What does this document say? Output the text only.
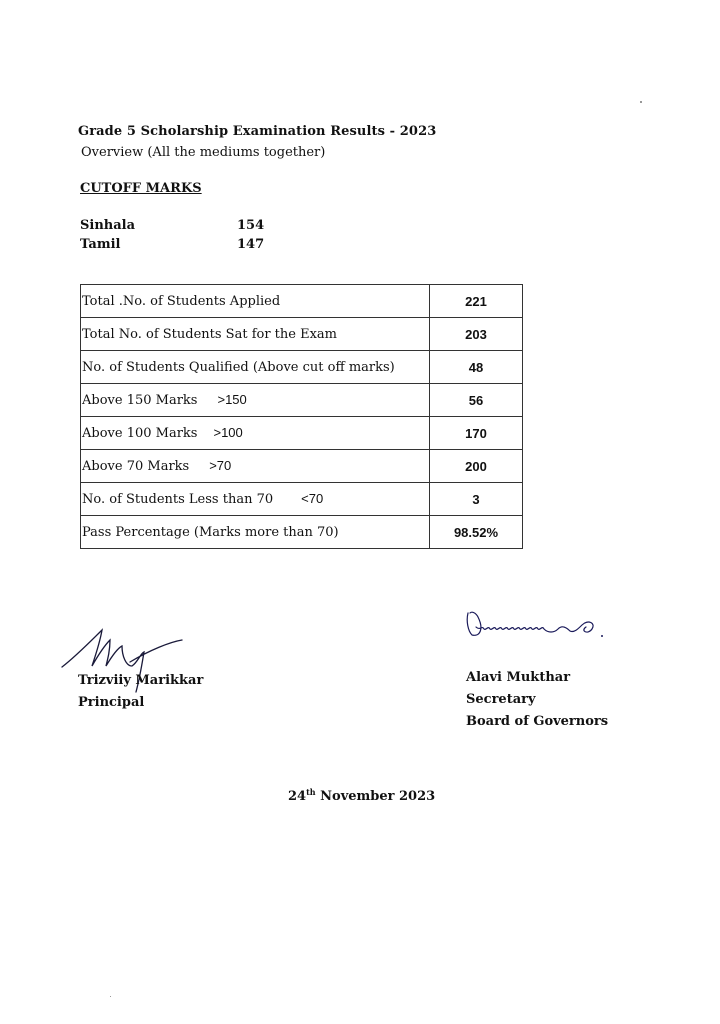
Grade 5 Scholarship Examination Results - 2023
Overview (All the mediums together)
CUTOFF MARKS
Sinhala	154
Tamil	147
Total .No. of Students Applied	221
Total No. of Students Sat for the Exam	203
No. of Students Qualified (Above cut off marks)	48
Above 150 Marks >150	56
Above 100 Marks >100	170
Above 70 Marks >70	200
No. of Students Less than 70 <70	3
Pass Percentage (Marks more than 70)	98.52%
Trizviiy Marikkar
Principal
Alavi Mukthar
Secretary
Board of Governors
24th November 2023
